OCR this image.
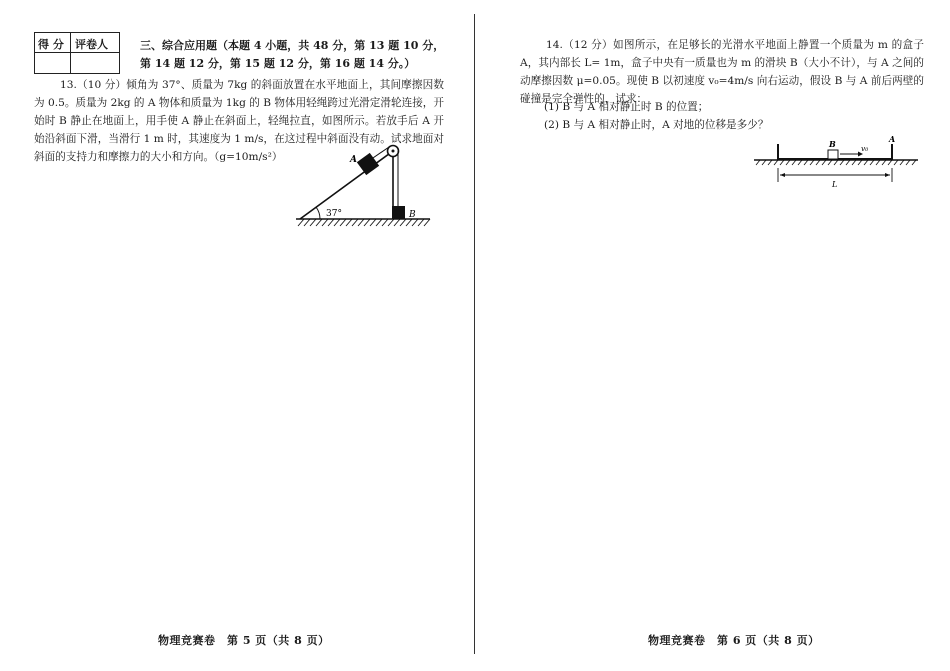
得 分 评卷人	三、综合应用题（本题 4 小题，共 48 分，第 13 题 10 分，第 14 题 12 分，第 15 题 12 分，第 16 题 14 分。）
13.（10 分）倾角为 37°、质量为 7kg 的斜面放置在水平地面上，其间摩擦因数为 0.5。质量为 2kg 的 A 物体和质量为 1kg 的 B 物体用轻绳跨过光滑定滑轮连接，开始时 B 静止在地面上，用手使 A 静止在斜面上，轻绳拉直，如图所示。若放手后 A 开始沿斜面下滑，当滑行 1 m 时，其速度为 1 m/s，在这过程中斜面没有动。试求地面对斜面的支持力和摩擦力的大小和方向。（g=10m/s²）
37°
A
B
14.（12 分）如图所示，在足够长的光滑水平地面上静置一个质量为 m 的盒子 A，其内部长 L= 1m，盒子中央有一质量也为 m 的滑块 B（大小不计），与 A 之间的动摩擦因数 μ=0.05。现使 B 以初速度 v₀=4m/s 向右运动，假设 B 与 A 前后两壁的碰撞是完全弹性的，试求：
(1) B 与 A 相对静止时 B 的位置；
(2) B 与 A 相对静止时，A 对地的位移是多少？
A
B	v₀
L
物理竞赛卷　第 5 页（共 8 页）	物理竞赛卷　第 6 页（共 8 页）
